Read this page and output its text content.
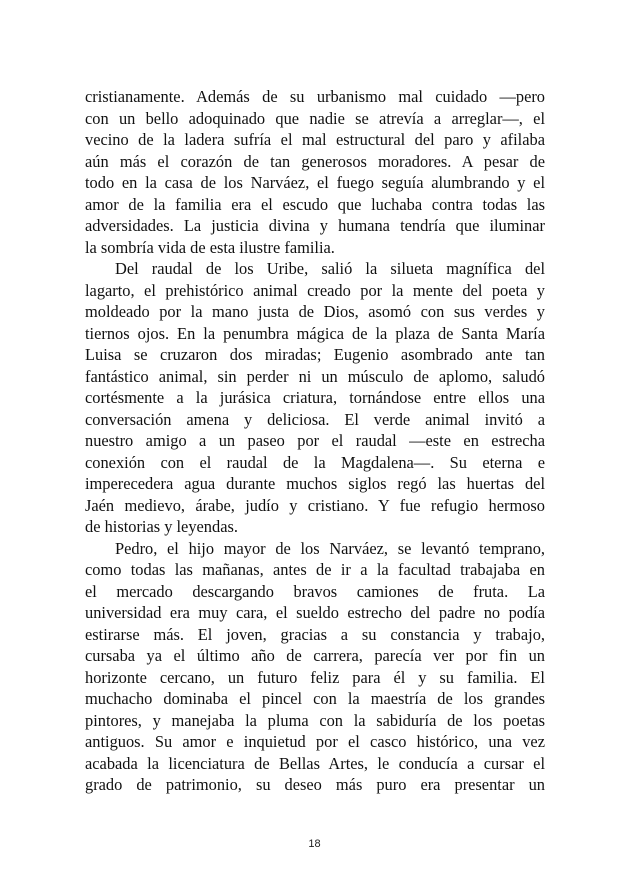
cristianamente. Además de su urbanismo mal cuidado —pero
con un bello adoquinado que nadie se atrevía a arreglar—, el
vecino de la ladera sufría el mal estructural del paro y afilaba
aún más el corazón de tan generosos moradores. A pesar de
todo en la casa de los Narváez, el fuego seguía alumbrando y el
amor de la familia era el escudo que luchaba contra todas las
adversidades. La justicia divina y humana tendría que iluminar
la sombría vida de esta ilustre familia.
Del raudal de los Uribe, salió la silueta magnífica del
lagarto, el prehistórico animal creado por la mente del poeta y
moldeado por la mano justa de Dios, asomó con sus verdes y
tiernos ojos. En la penumbra mágica de la plaza de Santa María
Luisa se cruzaron dos miradas; Eugenio asombrado ante tan
fantástico animal, sin perder ni un músculo de aplomo, saludó
cortésmente a la jurásica criatura, tornándose entre ellos una
conversación amena y deliciosa. El verde animal invitó a
nuestro amigo a un paseo por el raudal —este en estrecha
conexión con el raudal de la Magdalena—. Su eterna e
imperecedera agua durante muchos siglos regó las huertas del
Jaén medievo, árabe, judío y cristiano. Y fue refugio hermoso
de historias y leyendas.
Pedro, el hijo mayor de los Narváez, se levantó temprano,
como todas las mañanas, antes de ir a la facultad trabajaba en
el mercado descargando bravos camiones de fruta. La
universidad era muy cara, el sueldo estrecho del padre no podía
estirarse más. El joven, gracias a su constancia y trabajo,
cursaba ya el último año de carrera, parecía ver por fin un
horizonte cercano, un futuro feliz para él y su familia. El
muchacho dominaba el pincel con la maestría de los grandes
pintores, y manejaba la pluma con la sabiduría de los poetas
antiguos. Su amor e inquietud por el casco histórico, una vez
acabada la licenciatura de Bellas Artes, le conducía a cursar el
grado de patrimonio, su deseo más puro era presentar un
18
